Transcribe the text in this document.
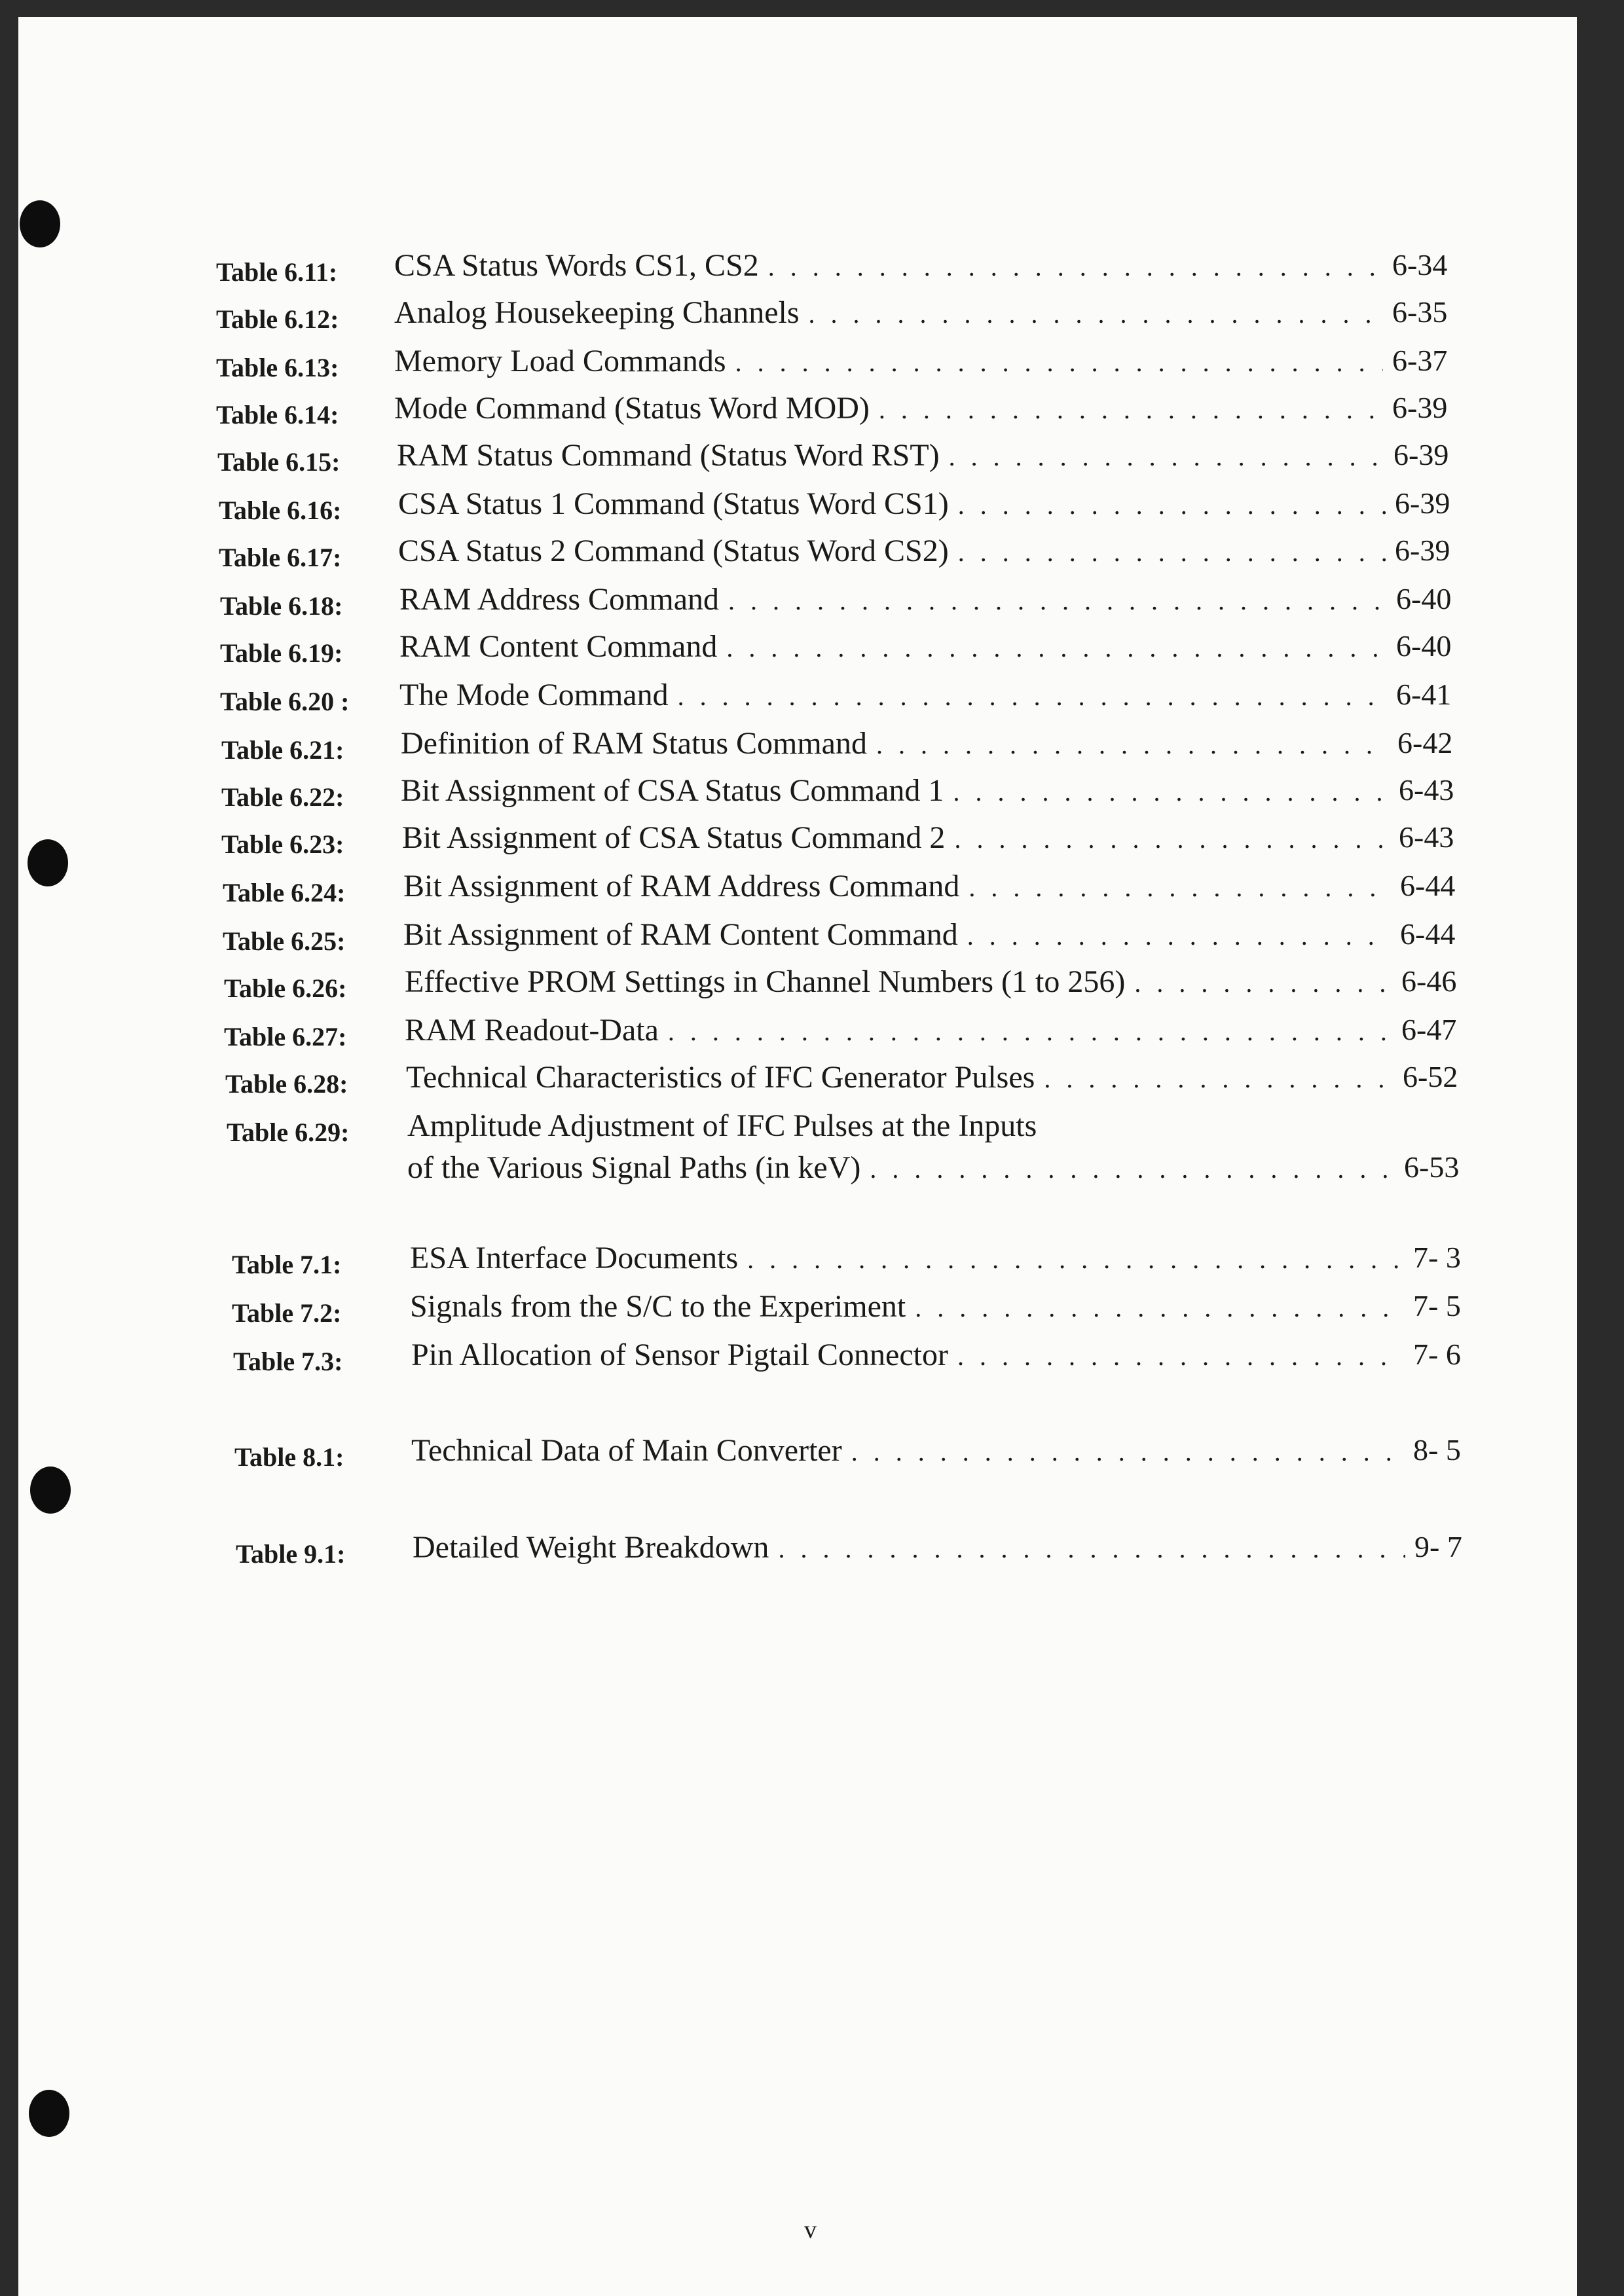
Table 6.11: CSA Status Words CS1, CS2 . . .	6-34
Table 6.12: Analog Housekeeping Channels . . .	6-35
Table 6.13: Memory Load Commands . . .	6-37
Table 6.14: Mode Command (Status Word MOD) . . .	6-39
Table 6.15: RAM Status Command (Status Word RST) . . .	6-39
Table 6.16: CSA Status 1 Command (Status Word CS1) . . .	6-39
Table 6.17: CSA Status 2 Command (Status Word CS2) . . .	6-39
Table 6.18: RAM Address Command . . .	6-40
Table 6.19: RAM Content Command . . .	6-40
Table 6.20 : The Mode Command . . .	6-41
Table 6.21: Definition of RAM Status Command . . .	6-42
Table 6.22: Bit Assignment of CSA Status Command 1 . . .	6-43
Table 6.23: Bit Assignment of CSA Status Command 2 . . .	6-43
Table 6.24: Bit Assignment of RAM Address Command . . .	6-44
Table 6.25: Bit Assignment of RAM Content Command . . .	6-44
Table 6.26: Effective PROM Settings in Channel Numbers (1 to 256) . . .	6-46
Table 6.27: RAM Readout-Data . . .	6-47
Table 6.28: Technical Characteristics of IFC Generator Pulses . . .	6-52
Table 6.29: Amplitude Adjustment of IFC Pulses at the Inputs
of the Various Signal Paths (in keV) . . .	6-53
Table 7.1: ESA Interface Documents . . .	7- 3
Table 7.2: Signals from the S/C to the Experiment . . .	7- 5
Table 7.3: Pin Allocation of Sensor Pigtail Connector . . .	7- 6
Table 8.1: Technical Data of Main Converter . . .	8- 5
Table 9.1: Detailed Weight Breakdown . . .	9- 7
v
